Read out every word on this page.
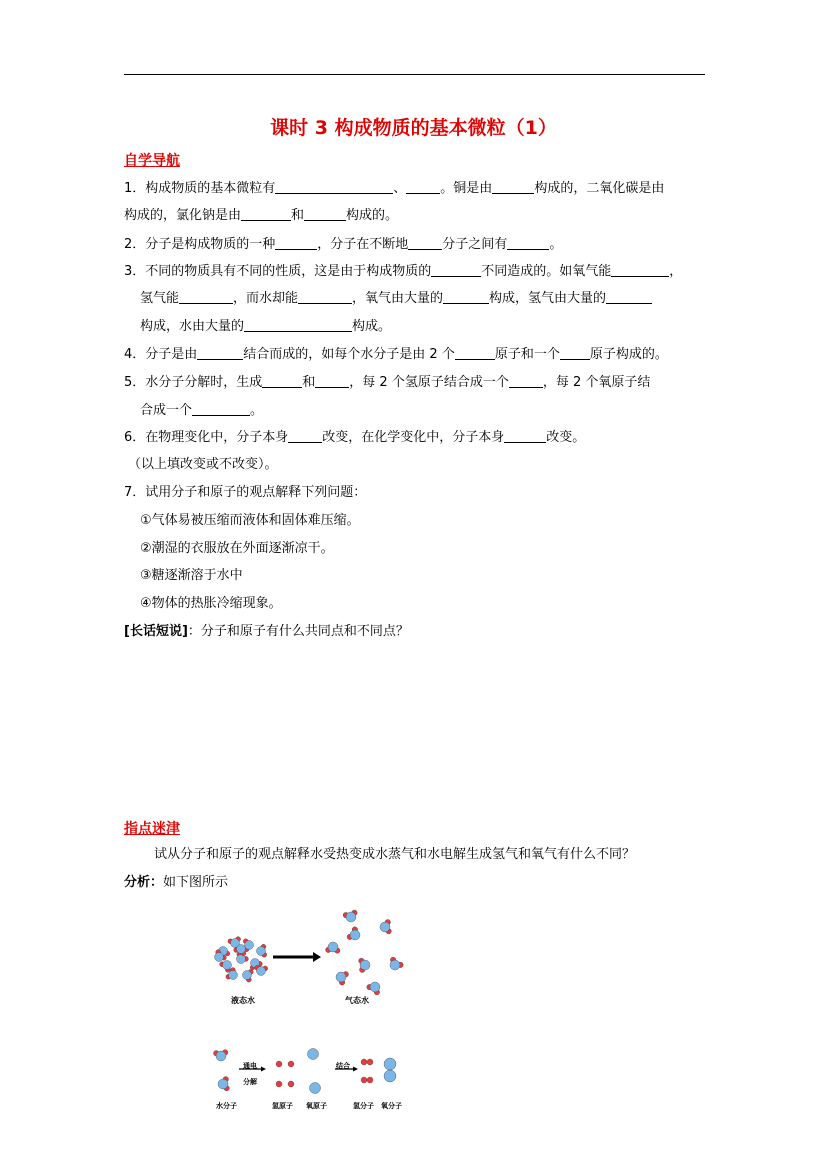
课时 3 构成物质的基本微粒（1）
自学导航
1．构成物质的基本微粒有	、	。铜是由	构成的，二氧化碳是由
构成的，氯化钠是由	和	构成的。
2．分子是构成物质的一种	，分子在不断地	分子之间有	。
3．不同的物质具有不同的性质，这是由于构成物质的	不同造成的。如氧气能	，
氢气能	，而水却能	，氧气由大量的	构成，氢气由大量的
构成，水由大量的	构成。
4．分子是由	结合而成的，如每个水分子是由 2 个	原子和一个 原子构成的。
5．水分子分解时，生成	和	，每 2 个氢原子结合成一个	，每 2 个氧原子结
合成一个	。
6．在物理变化中，分子本身	改变，在化学变化中，分子本身	改变。
（以上填改变或不改变）。
7．试用分子和原子的观点解释下列问题：
①气体易被压缩而液体和固体难压缩。
②潮湿的衣服放在外面逐渐凉干。
③糖逐渐溶于水中
④物体的热胀冷缩现象。
[长话短说]：分子和原子有什么共同点和不同点？
指点迷津
试从分子和原子的观点解释水受热变成水蒸气和水电解生成氢气和氧气有什么不同？
分析：如下图所示
液态水	气态水
通电
分解
结合
水分子	氢原子 氧原子	氢分子 氧分子
